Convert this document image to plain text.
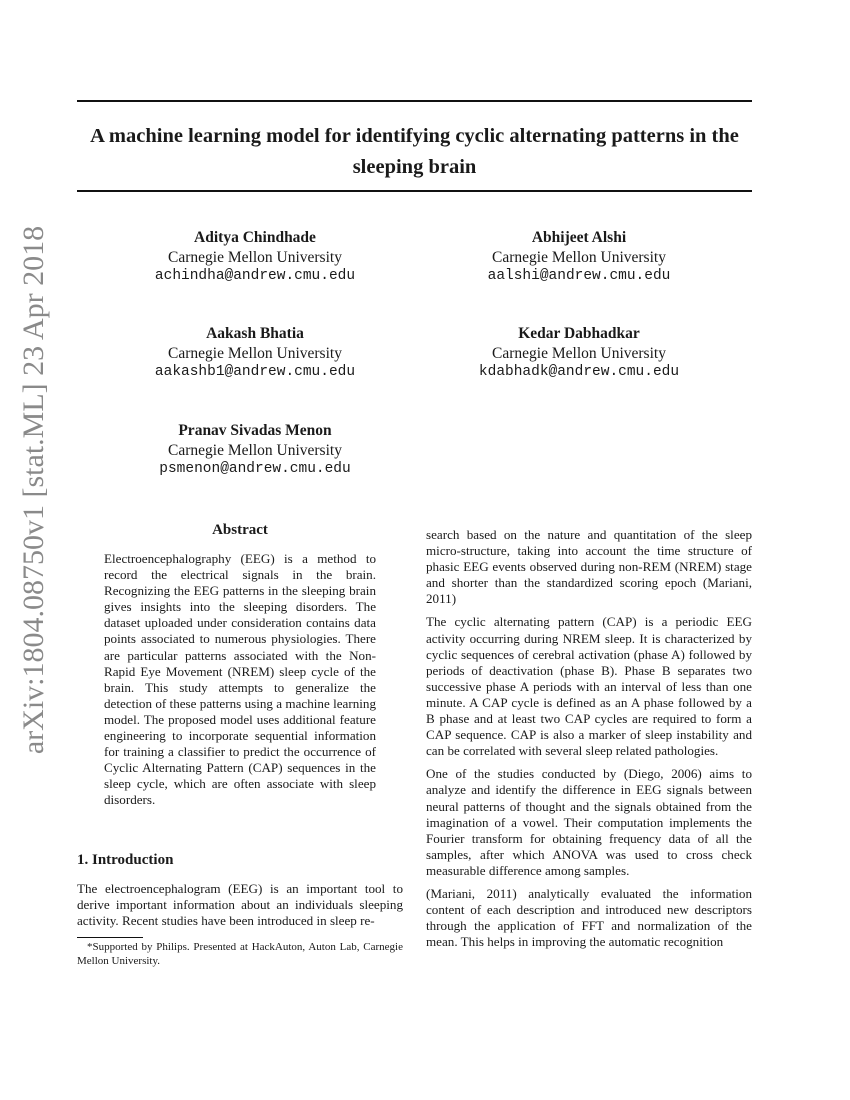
arXiv:1804.08750v1 [stat.ML] 23 Apr 2018
A machine learning model for identifying cyclic alternating patterns in the sleeping brain
Aditya Chindhade
Carnegie Mellon University
achindha@andrew.cmu.edu
Abhijeet Alshi
Carnegie Mellon University
aalshi@andrew.cmu.edu
Aakash Bhatia
Carnegie Mellon University
aakashb1@andrew.cmu.edu
Kedar Dabhadkar
Carnegie Mellon University
kdabhadk@andrew.cmu.edu
Pranav Sivadas Menon
Carnegie Mellon University
psmenon@andrew.cmu.edu
Abstract
Electroencephalography (EEG) is a method to record the electrical signals in the brain. Recognizing the EEG patterns in the sleeping brain gives insights into the sleeping disorders. The dataset uploaded under consideration contains data points associated to numerous physiologies. There are particular patterns associated with the Non-Rapid Eye Movement (NREM) sleep cycle of the brain. This study attempts to generalize the detection of these patterns using a machine learning model. The proposed model uses additional feature engineering to incorporate sequential information for training a classifier to predict the occurrence of Cyclic Alternating Pattern (CAP) sequences in the sleep cycle, which are often associate with sleep disorders.
1. Introduction
The electroencephalogram (EEG) is an important tool to derive important information about an individuals sleeping activity. Recent studies have been introduced in sleep re-

*Supported by Philips. Presented at HackAuton, Auton Lab, Carnegie Mellon University.

search based on the nature and quantitation of the sleep micro-structure, taking into account the time structure of phasic EEG events observed during non-REM (NREM) stage and shorter than the standardized scoring epoch (Mariani, 2011)

The cyclic alternating pattern (CAP) is a periodic EEG activity occurring during NREM sleep. It is characterized by cyclic sequences of cerebral activation (phase A) followed by periods of deactivation (phase B). Phase B separates two successive phase A periods with an interval of less than one minute. A CAP cycle is defined as an A phase followed by a B phase and at least two CAP cycles are required to form a CAP sequence. CAP is also a marker of sleep instability and can be correlated with several sleep related pathologies.

One of the studies conducted by (Diego, 2006) aims to analyze and identify the difference in EEG signals between neural patterns of thought and the signals obtained from the imagination of a vowel. Their computation implements the Fourier transform for obtaining frequency data of all the samples, after which ANOVA was used to cross check measurable difference among samples.

(Mariani, 2011) analytically evaluated the information content of each description and introduced new descriptors through the application of FFT and normalization of the mean. This helps in improving the automatic recognition
